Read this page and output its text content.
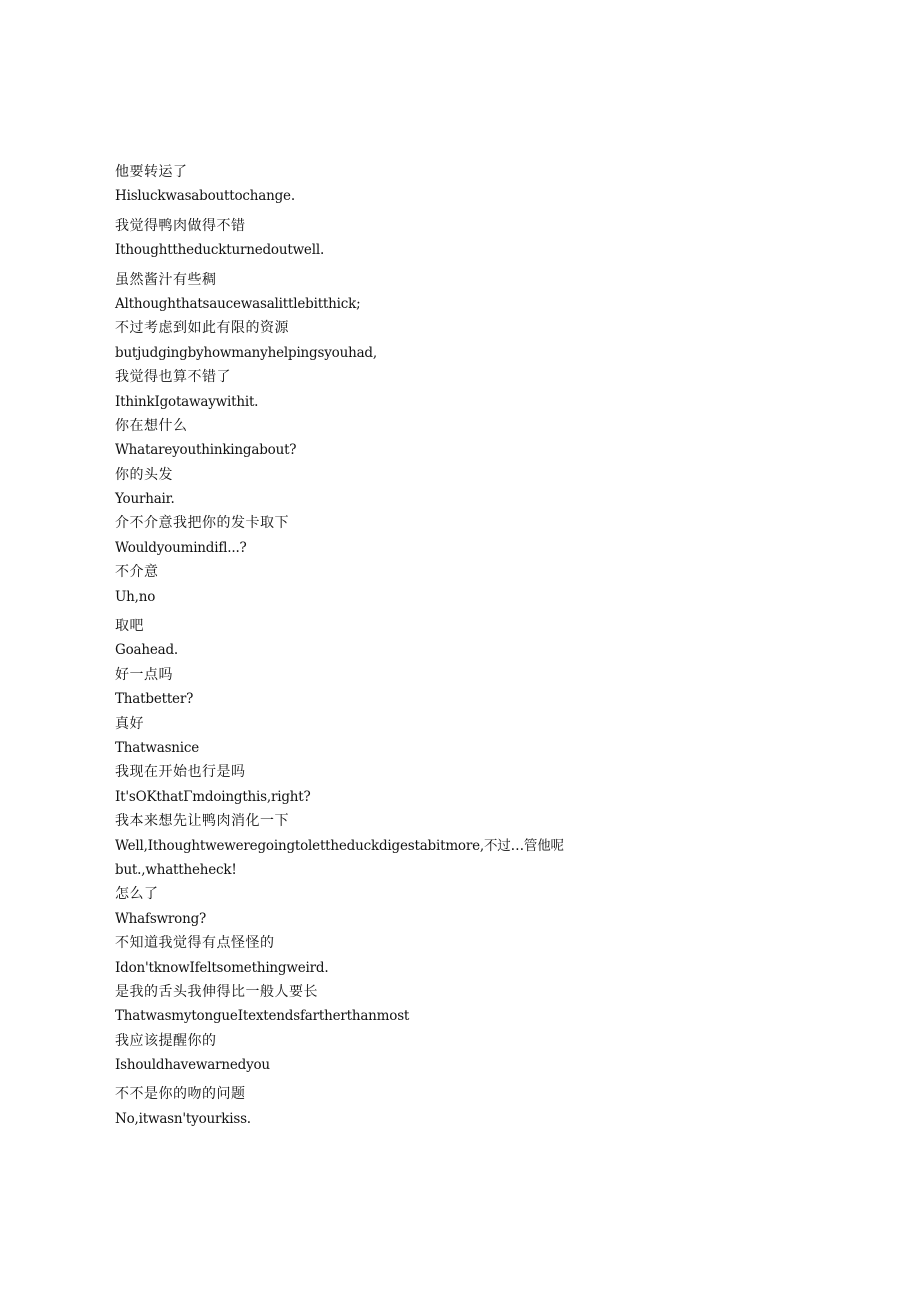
他要转运了
Hisluckwasabouttochange.
我觉得鸭肉做得不错
Ithoughttheduckturnedoutwell.
虽然酱汁有些稠
Althoughthatsaucewasalittlebitthick;
不过考虑到如此有限的资源
butjudgingbyhowmanyhelpingsyouhad,
我觉得也算不错了
IthinkIgotawaywithit.
你在想什么
Whatareyouthinkingabout?
你的头发
Yourhair.
介不介意我把你的发卡取下
Wouldyoumindifl...?
不介意
Uh,no
取吧
Goahead.
好一点吗
Thatbetter?
真好
Thatwasnice
我现在开始也行是吗
It'sOKthatΓmdoingthis,right?
我本来想先让鸭肉消化一下
Well,Ithoughtweweregoingtolettheduckdigestabitmore,不过…管他呢
but.,whattheheck!
怎么了
Whafswrong?
不知道我觉得有点怪怪的
Idon'tknowIfeltsomethingweird.
是我的舌头我伸得比一般人要长
ThatwasmytongueItextendsfartherthanmost
我应该提醒你的
Ishouldhavewarnedyou
不不是你的吻的问题
No,itwasn'tyourkiss.
